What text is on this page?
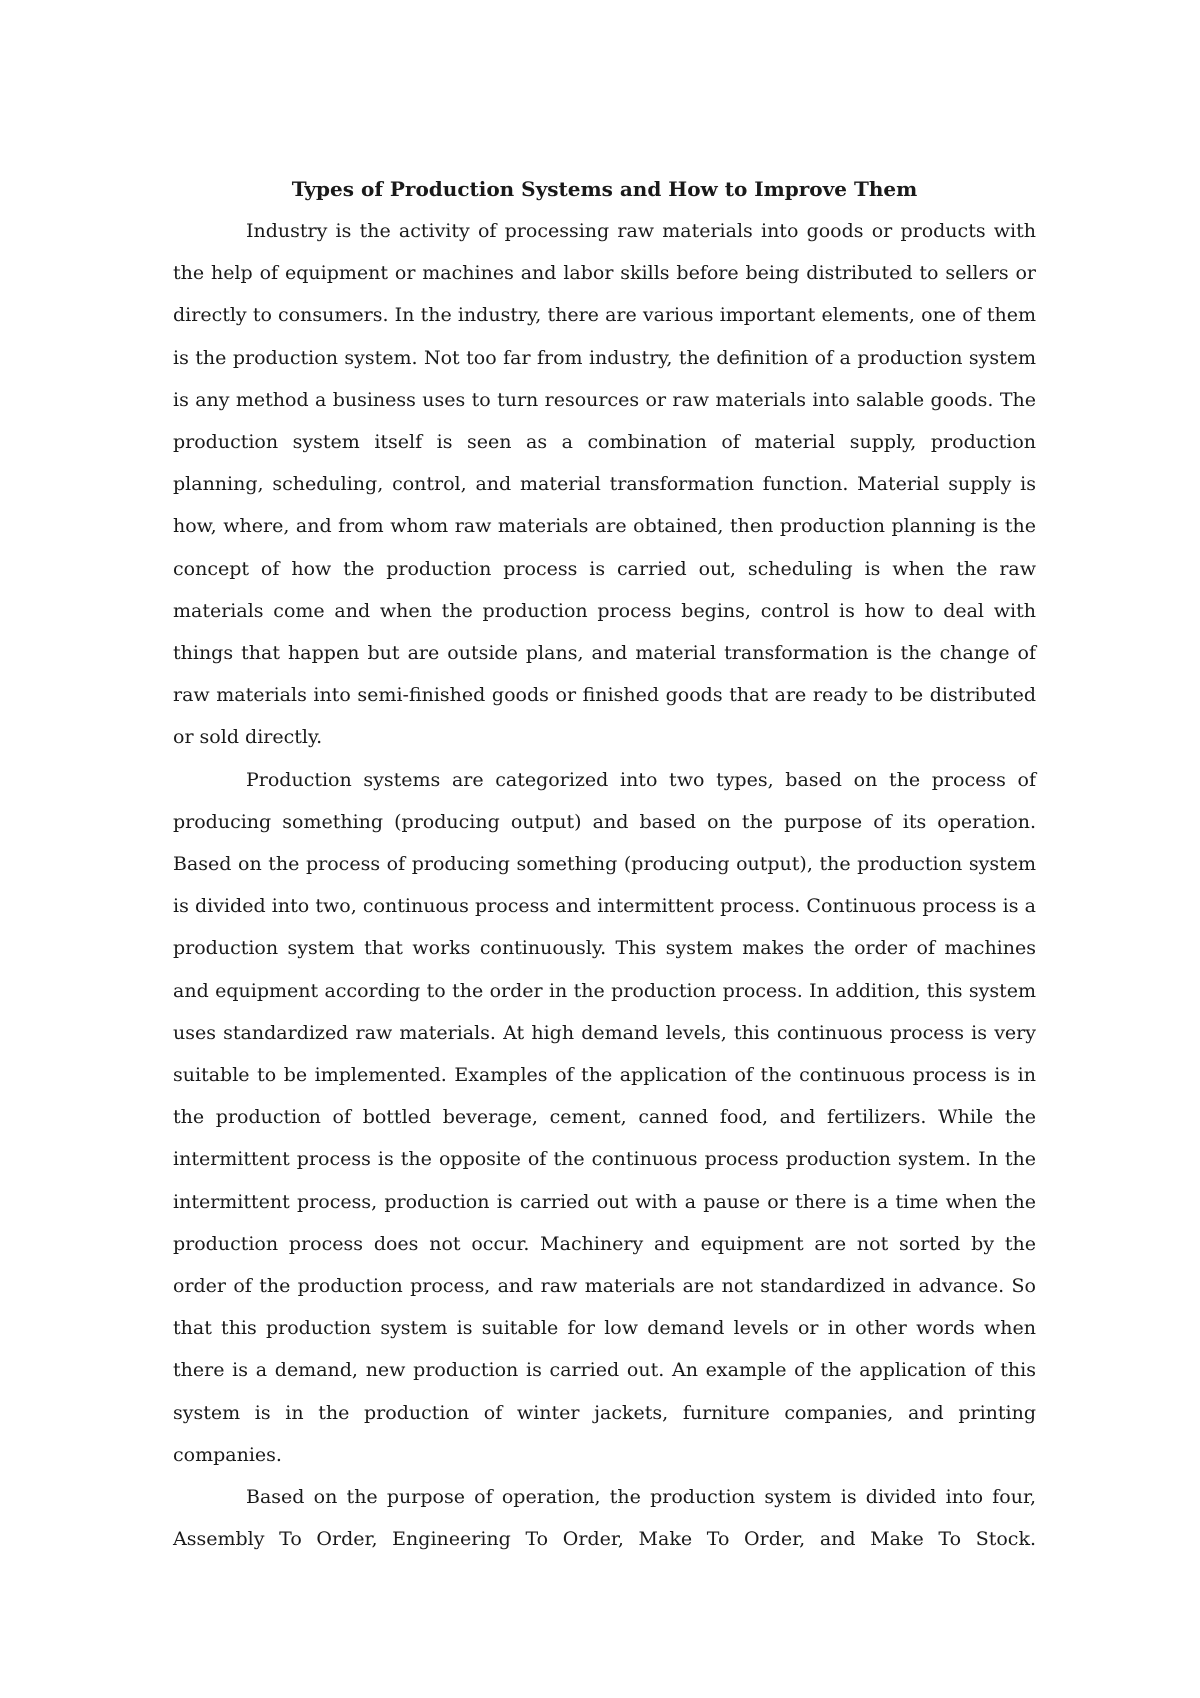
Types of Production Systems and How to Improve Them

Industry is the activity of processing raw materials into goods or products with the help of equipment or machines and labor skills before being distributed to sellers or directly to consumers. In the industry, there are various important elements, one of them is the production system. Not too far from industry, the definition of a production system is any method a business uses to turn resources or raw materials into salable goods. The production system itself is seen as a combination of material supply, production planning, scheduling, control, and material transformation function. Material supply is how, where, and from whom raw materials are obtained, then production planning is the concept of how the production process is carried out, scheduling is when the raw materials come and when the production process begins, control is how to deal with things that happen but are outside plans, and material transformation is the change of raw materials into semi-finished goods or finished goods that are ready to be distributed or sold directly.

Production systems are categorized into two types, based on the process of producing something (producing output) and based on the purpose of its operation. Based on the process of producing something (producing output), the production system is divided into two, continuous process and intermittent process. Continuous process is a production system that works continuously. This system makes the order of machines and equipment according to the order in the production process. In addition, this system uses standardized raw materials. At high demand levels, this continuous process is very suitable to be implemented. Examples of the application of the continuous process is in the production of bottled beverage, cement, canned food, and fertilizers. While the intermittent process is the opposite of the continuous process production system. In the intermittent process, production is carried out with a pause or there is a time when the production process does not occur. Machinery and equipment are not sorted by the order of the production process, and raw materials are not standardized in advance. So that this production system is suitable for low demand levels or in other words when there is a demand, new production is carried out. An example of the application of this system is in the production of winter jackets, furniture companies, and printing companies.

Based on the purpose of operation, the production system is divided into four, Assembly To Order, Engineering To Order, Make To Order, and Make To Stock.
